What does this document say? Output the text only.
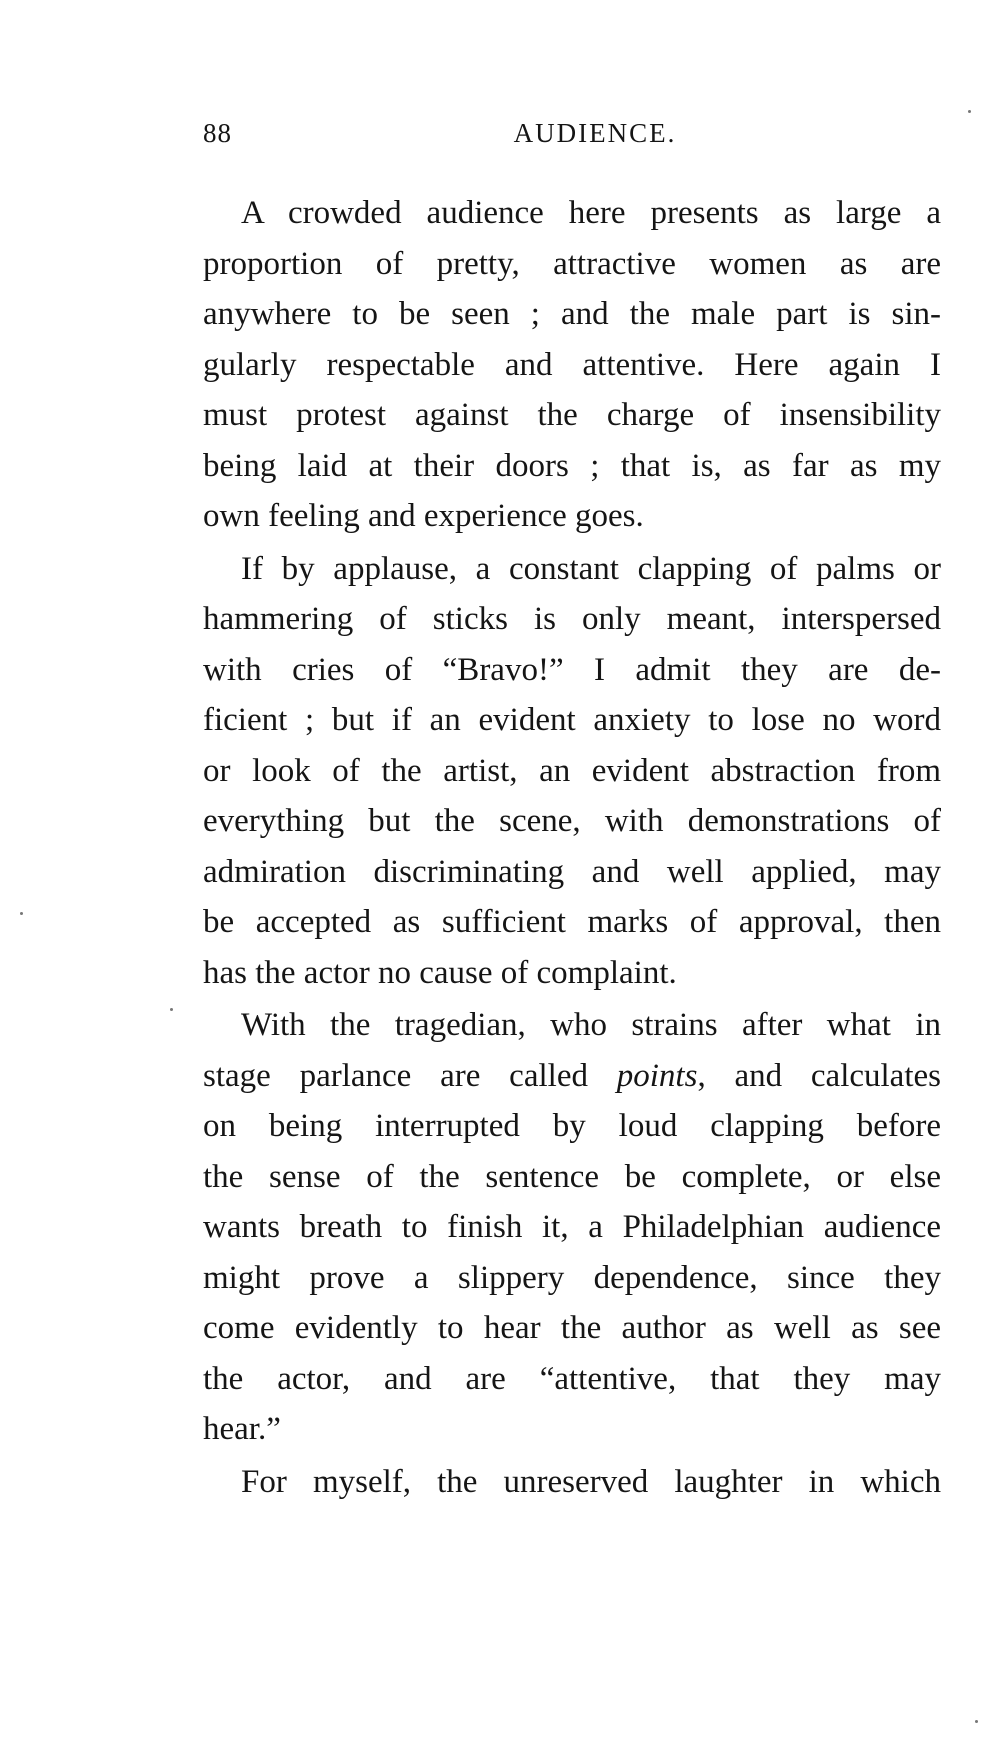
88	AUDIENCE.
A crowded audience here presents as large a
proportion of pretty, attractive women as are
anywhere to be seen ; and the male part is sin-
gularly respectable and attentive. Here again I
must protest against the charge of insensibility
being laid at their doors ; that is, as far as my
own feeling and experience goes.
If by applause, a constant clapping of palms or
hammering of sticks is only meant, interspersed
with cries of “Bravo!” I admit they are de-
ficient ; but if an evident anxiety to lose no word
or look of the artist, an evident abstraction from
everything but the scene, with demonstrations of
admiration discriminating and well applied, may
be accepted as sufficient marks of approval, then
has the actor no cause of complaint.
With the tragedian, who strains after what in
stage parlance are called points, and calculates
on being interrupted by loud clapping before
the sense of the sentence be complete, or else
wants breath to finish it, a Philadelphian audience
might prove a slippery dependence, since they
come evidently to hear the author as well as see
the actor, and are “attentive, that they may
hear.”
For myself, the unreserved laughter in which
